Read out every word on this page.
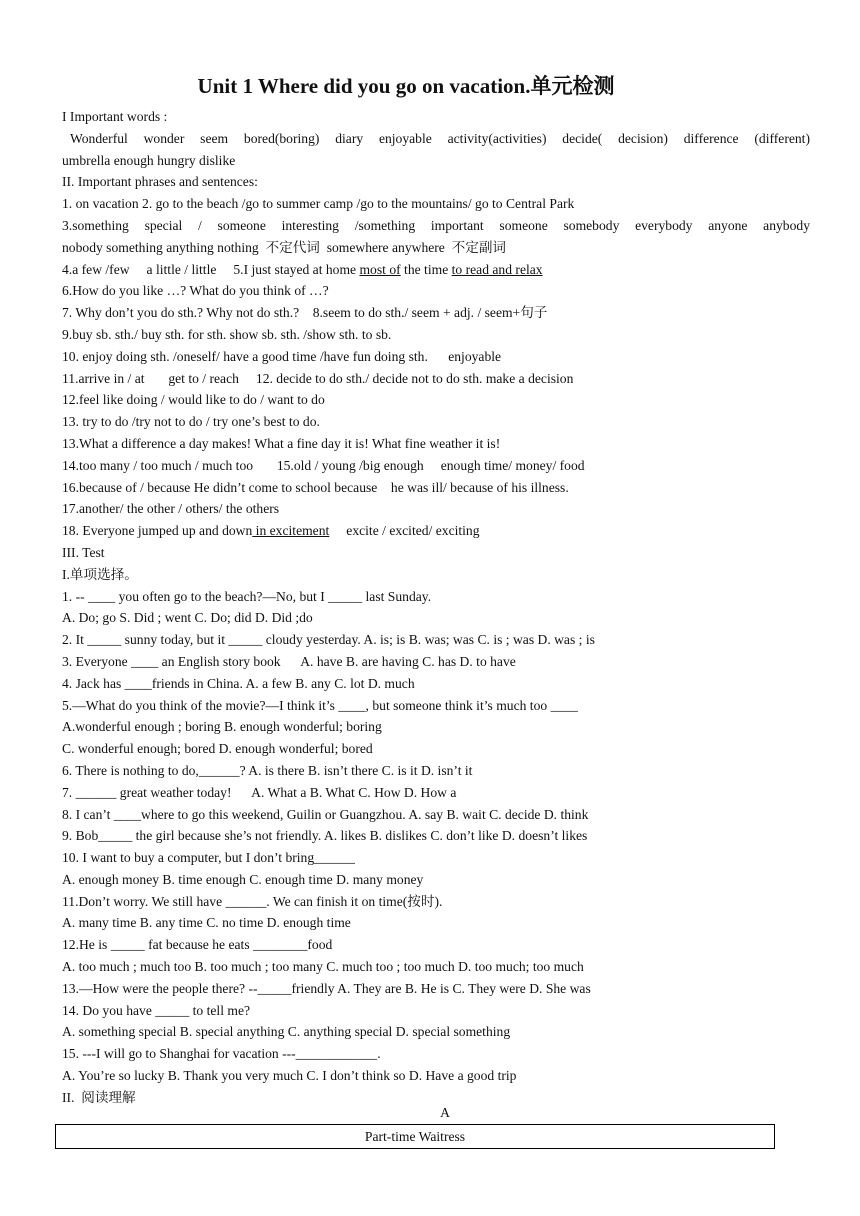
Unit 1 Where did you go on vacation.单元检测
I Important words :
Wonderful wonder seem bored(boring) diary enjoyable activity(activities) decide( decision) difference (different)
umbrella enough hungry dislike
II. Important phrases and sentences:
1. on vacation 2. go to the beach /go to summer camp /go to the mountains/ go to Central Park
3.something special / someone interesting /something important someone somebody everybody anyone anybody
nobody something anything nothing  不定代词  somewhere anywhere  不定副词
4.a few /few     a little / little     5.I just stayed at home most of the time to read and relax
6.How do you like …? What do you think of …?
7. Why don’t you do sth.? Why not do sth.?    8.seem to do sth./ seem + adj. / seem+句子
9.buy sb. sth./ buy sth. for sth. show sb. sth. /show sth. to sb.
10. enjoy doing sth. /oneself/ have a good time /have fun doing sth.      enjoyable
11.arrive in / at       get to / reach     12. decide to do sth./ decide not to do sth. make a decision
12.feel like doing / would like to do / want to do
13. try to do /try not to do / try one’s best to do.
13.What a difference a day makes! What a fine day it is! What fine weather it is!
14.too many / too much / much too       15.old / young /big enough     enough time/ money/ food
16.because of / because He didn’t come to school because    he was ill/ because of his illness.
17.another/ the other / others/ the others
18. Everyone jumped up and down in excitement     excite / excited/ exciting
III. Test
I.单项选择。
1. -- ____ you often go to the beach?—No, but I _____ last Sunday.
A. Do; go S. Did ; went C. Do; did D. Did ;do
2. It _____ sunny today, but it _____ cloudy yesterday. A. is; is B. was; was C. is ; was D. was ; is
3. Everyone ____ an English story book      A. have B. are having C. has D. to have
4. Jack has ____friends in China. A. a few B. any C. lot D. much
5.—What do you think of the movie?—I think it’s ____, but someone think it’s much too ____
A.wonderful enough ; boring B. enough wonderful; boring
C. wonderful enough; bored D. enough wonderful; bored
6. There is nothing to do,______? A. is there B. isn’t there C. is it D. isn’t it
7. ______ great weather today!      A. What a B. What C. How D. How a
8. I can’t ____where to go this weekend, Guilin or Guangzhou. A. say B. wait C. decide D. think
9. Bob_____ the girl because she’s not friendly. A. likes B. dislikes C. don’t like D. doesn’t likes
10. I want to buy a computer, but I don’t bring______
A. enough money B. time enough C. enough time D. many money
11.Don’t worry. We still have ______. We can finish it on time(按时).
A. many time B. any time C. no time D. enough time
12.He is _____ fat because he eats ________food
A. too much ; much too B. too much ; too many C. much too ; too much D. too much; too much
13.—How were the people there? --_____friendly A. They are B. He is C. They were D. She was
14. Do you have _____ to tell me?
A. something special B. special anything C. anything special D. special something
15. ---I will go to Shanghai for vacation ---____________.
A. You’re so lucky B. Thank you very much C. I don’t think so D. Have a good trip
II.  阅读理解
A
Part-time Waitress
